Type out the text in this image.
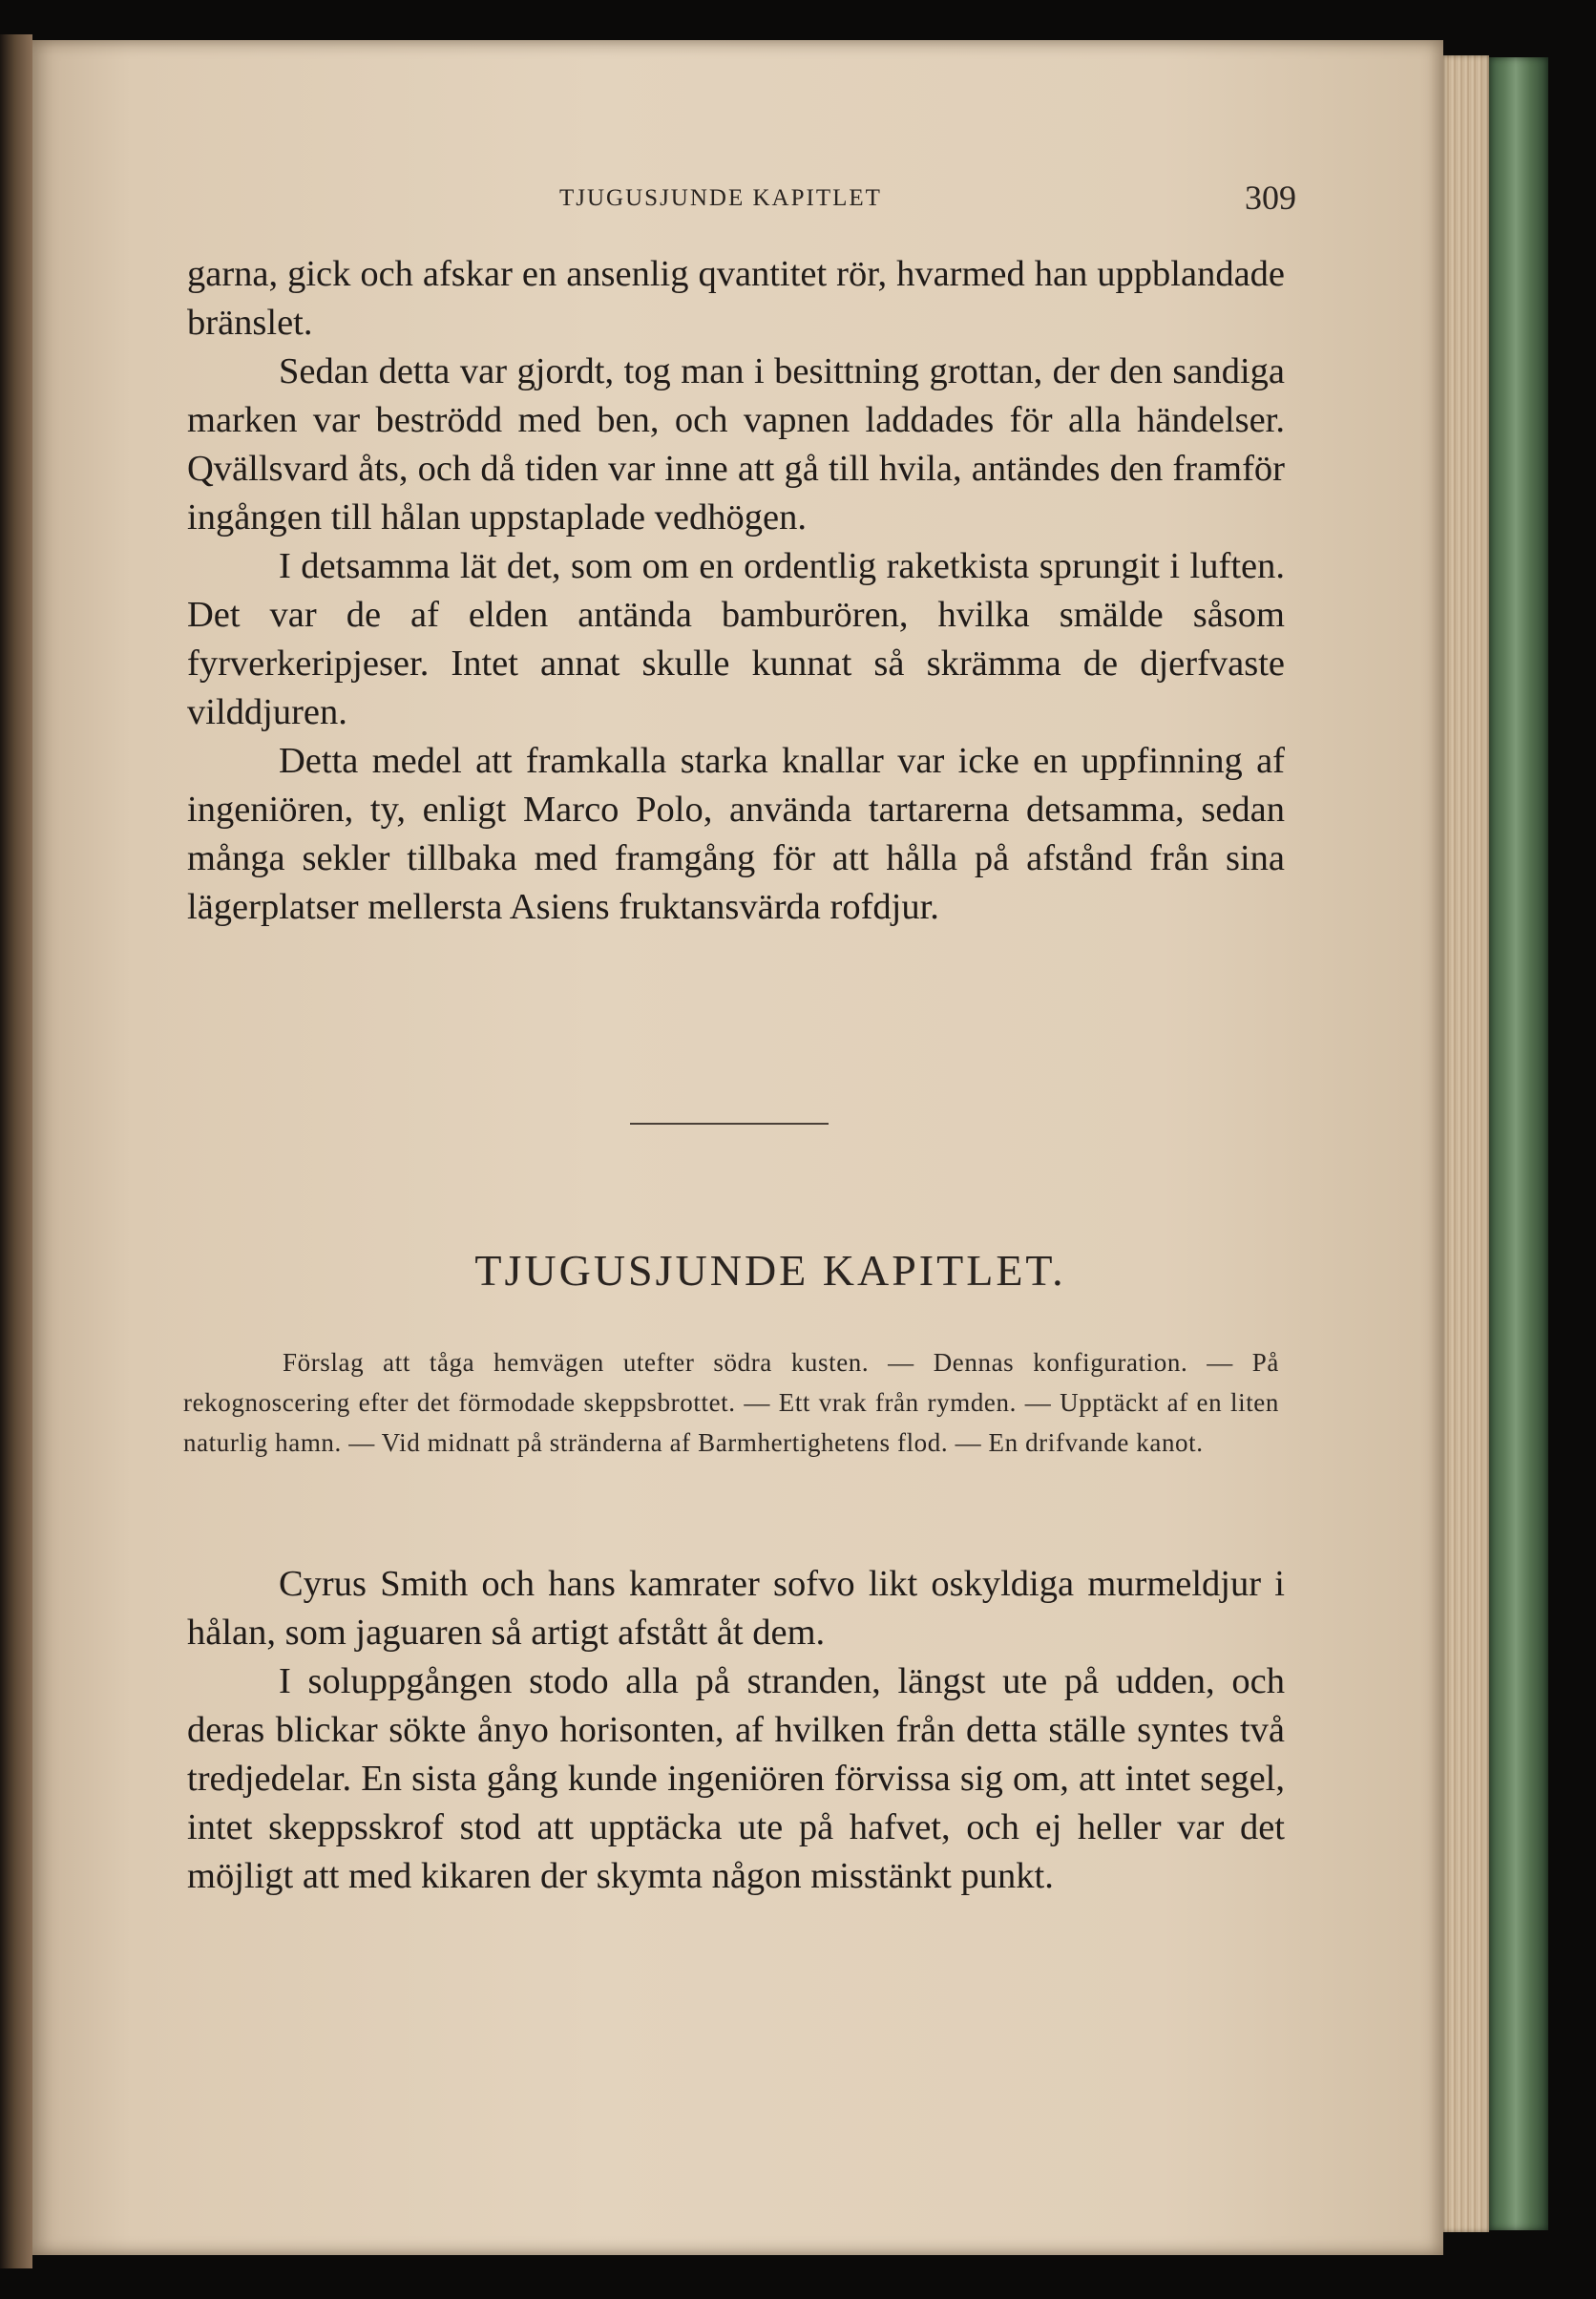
TJUGUSJUNDE KAPITLET	309

garna, gick och afskar en ansenlig qvantitet rör, hvarmed han uppblandade bränslet.

Sedan detta var gjordt, tog man i besittning grottan, der den sandiga marken var beströdd med ben, och vapnen laddades för alla händelser. Qvällsvard åts, och då tiden var inne att gå till hvila, antändes den framför ingången till hålan uppstaplade vedhögen.

I detsamma lät det, som om en ordentlig raketkista sprungit i luften. Det var de af elden antända bamburören, hvilka smälde såsom fyrverkeripjeser. Intet annat skulle kunnat så skrämma de djerfvaste vilddjuren.

Detta medel att framkalla starka knallar var icke en uppfinning af ingeniören, ty, enligt Marco Polo, använda tartarerna detsamma, sedan många sekler tillbaka med framgång för att hålla på afstånd från sina lägerplatser mellersta Asiens fruktansvärda rofdjur.

TJUGUSJUNDE KAPITLET.
Förslag att tåga hemvägen utefter södra kusten. — Dennas konfiguration. — På rekognoscering efter det förmodade skeppsbrottet. — Ett vrak från rymden. — Upptäckt af en liten naturlig hamn. — Vid midnatt på stränderna af Barmhertighetens flod. — En drifvande kanot.

Cyrus Smith och hans kamrater sofvo likt oskyldiga murmeldjur i hålan, som jaguaren så artigt afstått åt dem.

I soluppgången stodo alla på stranden, längst ute på udden, och deras blickar sökte ånyo horisonten, af hvilken från detta ställe syntes två tredjedelar. En sista gång kunde ingeniören förvissa sig om, att intet segel, intet skeppsskrof stod att upptäcka ute på hafvet, och ej heller var det möjligt att med kikaren der skymta någon misstänkt punkt.
